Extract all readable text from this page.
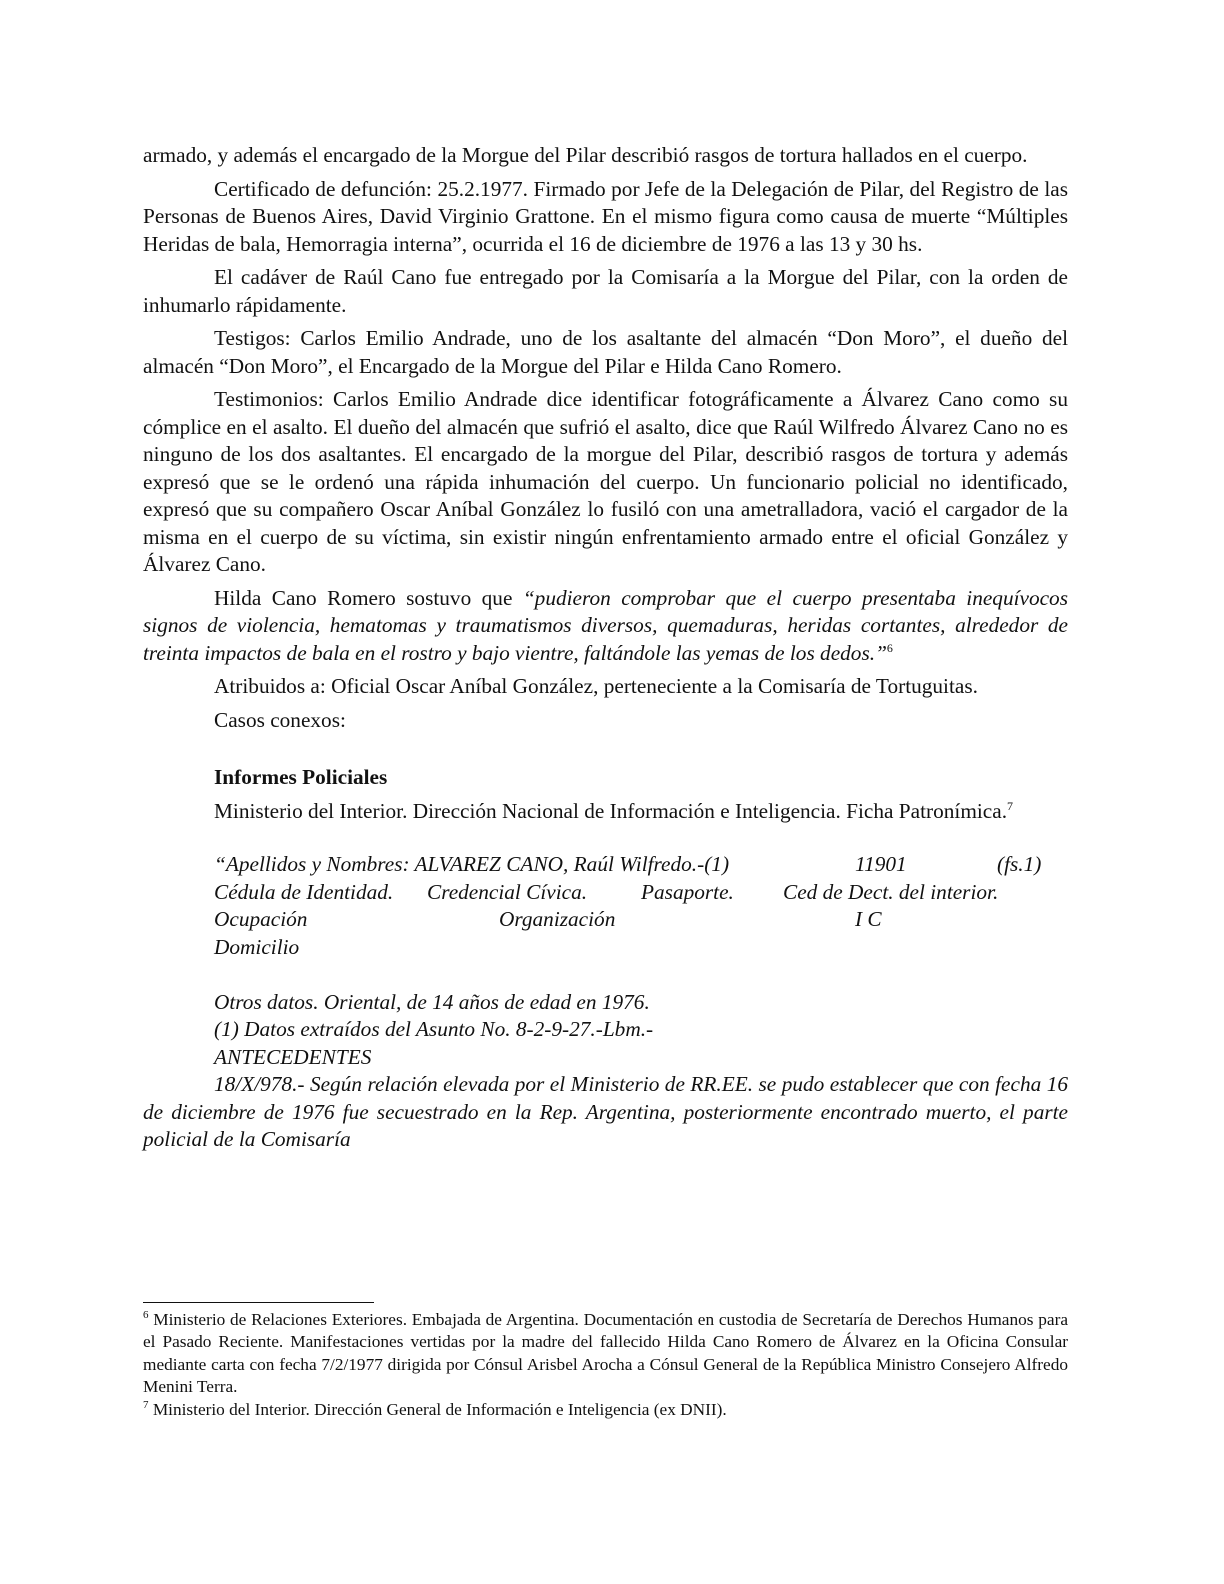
armado, y además el encargado de la Morgue del Pilar describió rasgos de tortura hallados en el cuerpo.

Certificado de defunción: 25.2.1977. Firmado por Jefe de la Delegación de Pilar, del Registro de las Personas de Buenos Aires, David Virginio Grattone. En el mismo figura como causa de muerte “Múltiples Heridas de bala, Hemorragia interna”, ocurrida el 16 de diciembre de 1976 a las 13 y 30 hs.

El cadáver de Raúl Cano fue entregado por la Comisaría a la Morgue del Pilar, con la orden de inhumarlo rápidamente.

Testigos: Carlos Emilio Andrade, uno de los asaltante del almacén “Don Moro”, el dueño del almacén “Don Moro”, el Encargado de la Morgue del Pilar e Hilda Cano Romero.

Testimonios: Carlos Emilio Andrade dice identificar fotográficamente a Álvarez Cano como su cómplice en el asalto. El dueño del almacén que sufrió el asalto, dice que Raúl Wilfredo Álvarez Cano no es ninguno de los dos asaltantes. El encargado de la morgue del Pilar, describió rasgos de tortura y además expresó que se le ordenó una rápida inhumación del cuerpo. Un funcionario policial no identificado, expresó que su compañero Oscar Aníbal González lo fusiló con una ametralladora, vació el cargador de la misma en el cuerpo de su víctima, sin existir ningún enfrentamiento armado entre el oficial González y Álvarez Cano.

Hilda Cano Romero sostuvo que “pudieron comprobar que el cuerpo presentaba inequívocos signos de violencia, hematomas y traumatismos diversos, quemaduras, heridas cortantes, alrededor de treinta impactos de bala en el rostro y bajo vientre, faltándole las yemas de los dedos.”$^6$

Atribuidos a: Oficial Oscar Aníbal González, perteneciente a la Comisaría de Tortuguitas.

Casos conexos:

Informes Policiales

Ministerio del Interior. Dirección Nacional de Información e Inteligencia. Ficha Patronímica.$^7$

“Apellidos y Nombres: ALVAREZ CANO, Raúl Wilfredo.-(1)	11901	(fs.1)
Cédula de Identidad. Credencial Cívica.	Pasaporte. Ced de Dect. del interior.
Ocupación	Organización	I C
Domicilio
Otros datos. Oriental, de 14 años de edad en 1976.
(1) Datos extraídos del Asunto No. 8-2-9-27.-Lbm.-
ANTECEDENTES

18/X/978.- Según relación elevada por el Ministerio de RR.EE. se pudo establecer que con fecha 16 de diciembre de 1976 fue secuestrado en la Rep. Argentina, posteriormente encontrado muerto, el parte policial de la Comisaría

$^6$ Ministerio de Relaciones Exteriores. Embajada de Argentina. Documentación en custodia de Secretaría de Derechos Humanos para el Pasado Reciente. Manifestaciones vertidas por la madre del fallecido Hilda Cano Romero de Álvarez en la Oficina Consular mediante carta con fecha 7/2/1977 dirigida por Cónsul Arisbel Arocha a Cónsul General de la República Ministro Consejero Alfredo Menini Terra.

$^7$ Ministerio del Interior. Dirección General de Información e Inteligencia (ex DNII).
